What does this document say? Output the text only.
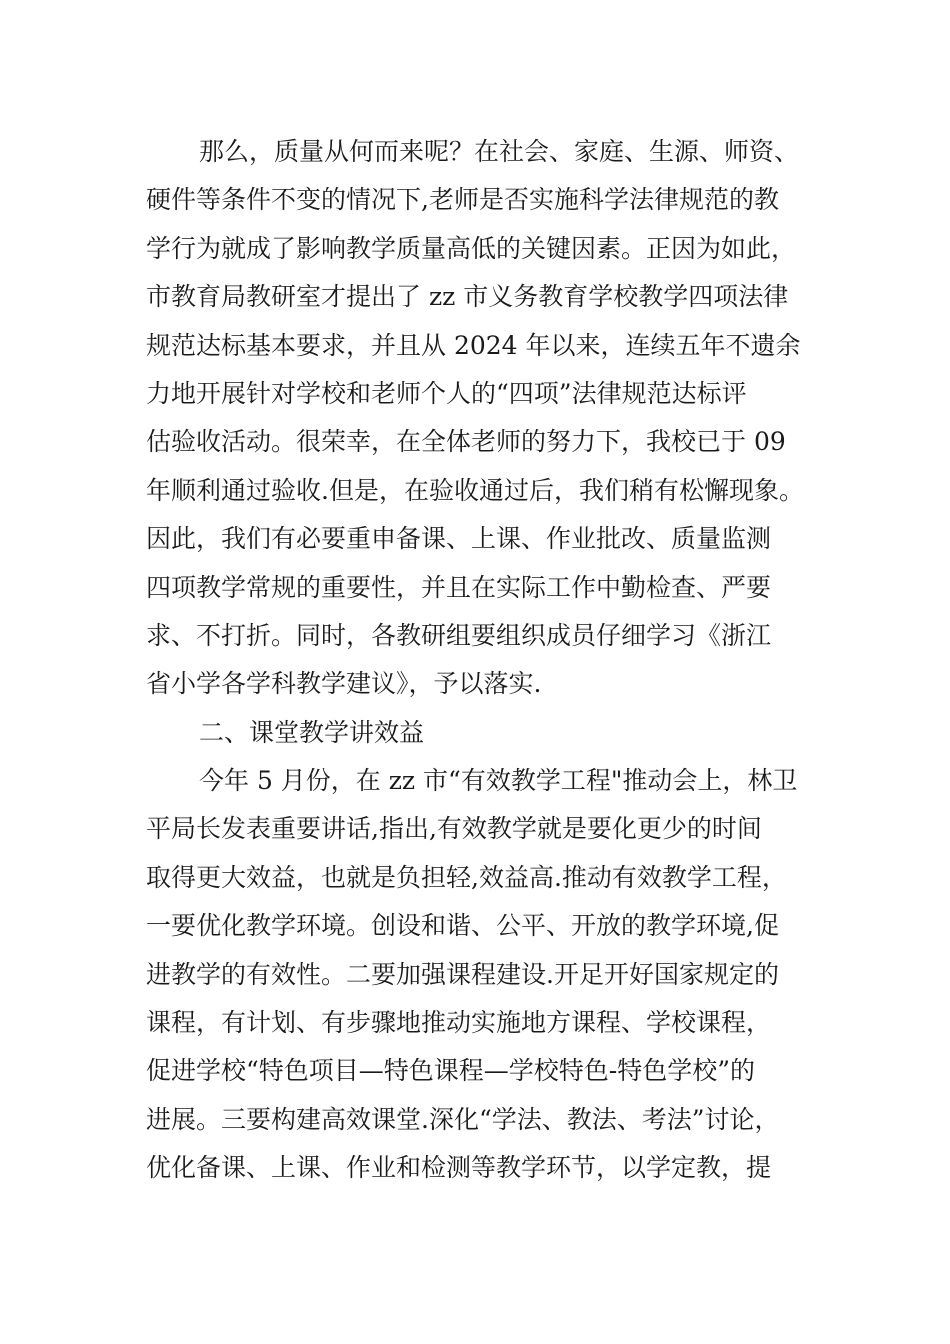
那么，质量从何而来呢？在社会、家庭、生源、师资、
硬件等条件不变的情况下,老师是否实施科学法律规范的教
学行为就成了影响教学质量高低的关键因素。正因为如此，
市教育局教研室才提出了 zz 市义务教育学校教学四项法律
规范达标基本要求，并且从 2024 年以来，连续五年不遗余
力地开展针对学校和老师个人的“四项”法律规范达标评
估验收活动。很荣幸，在全体老师的努力下，我校已于 09
年顺利通过验收.但是，在验收通过后，我们稍有松懈现象。
因此，我们有必要重申备课、上课、作业批改、质量监测
四项教学常规的重要性，并且在实际工作中勤检查、严要
求、不打折。同时，各教研组要组织成员仔细学习《浙江
省小学各学科教学建议》，予以落实.
二、课堂教学讲效益
今年 5 月份，在 zz 市“有效教学工程"推动会上，林卫
平局长发表重要讲话,指出,有效教学就是要化更少的时间
取得更大效益，也就是负担轻,效益高.推动有效教学工程，
一要优化教学环境。创设和谐、公平、开放的教学环境,促
进教学的有效性。二要加强课程建设.开足开好国家规定的
课程，有计划、有步骤地推动实施地方课程、学校课程，
促进学校“特色项目—特色课程—学校特色-特色学校”的
进展。三要构建高效课堂.深化“学法、教法、考法”讨论，
优化备课、上课、作业和检测等教学环节，以学定教，提
